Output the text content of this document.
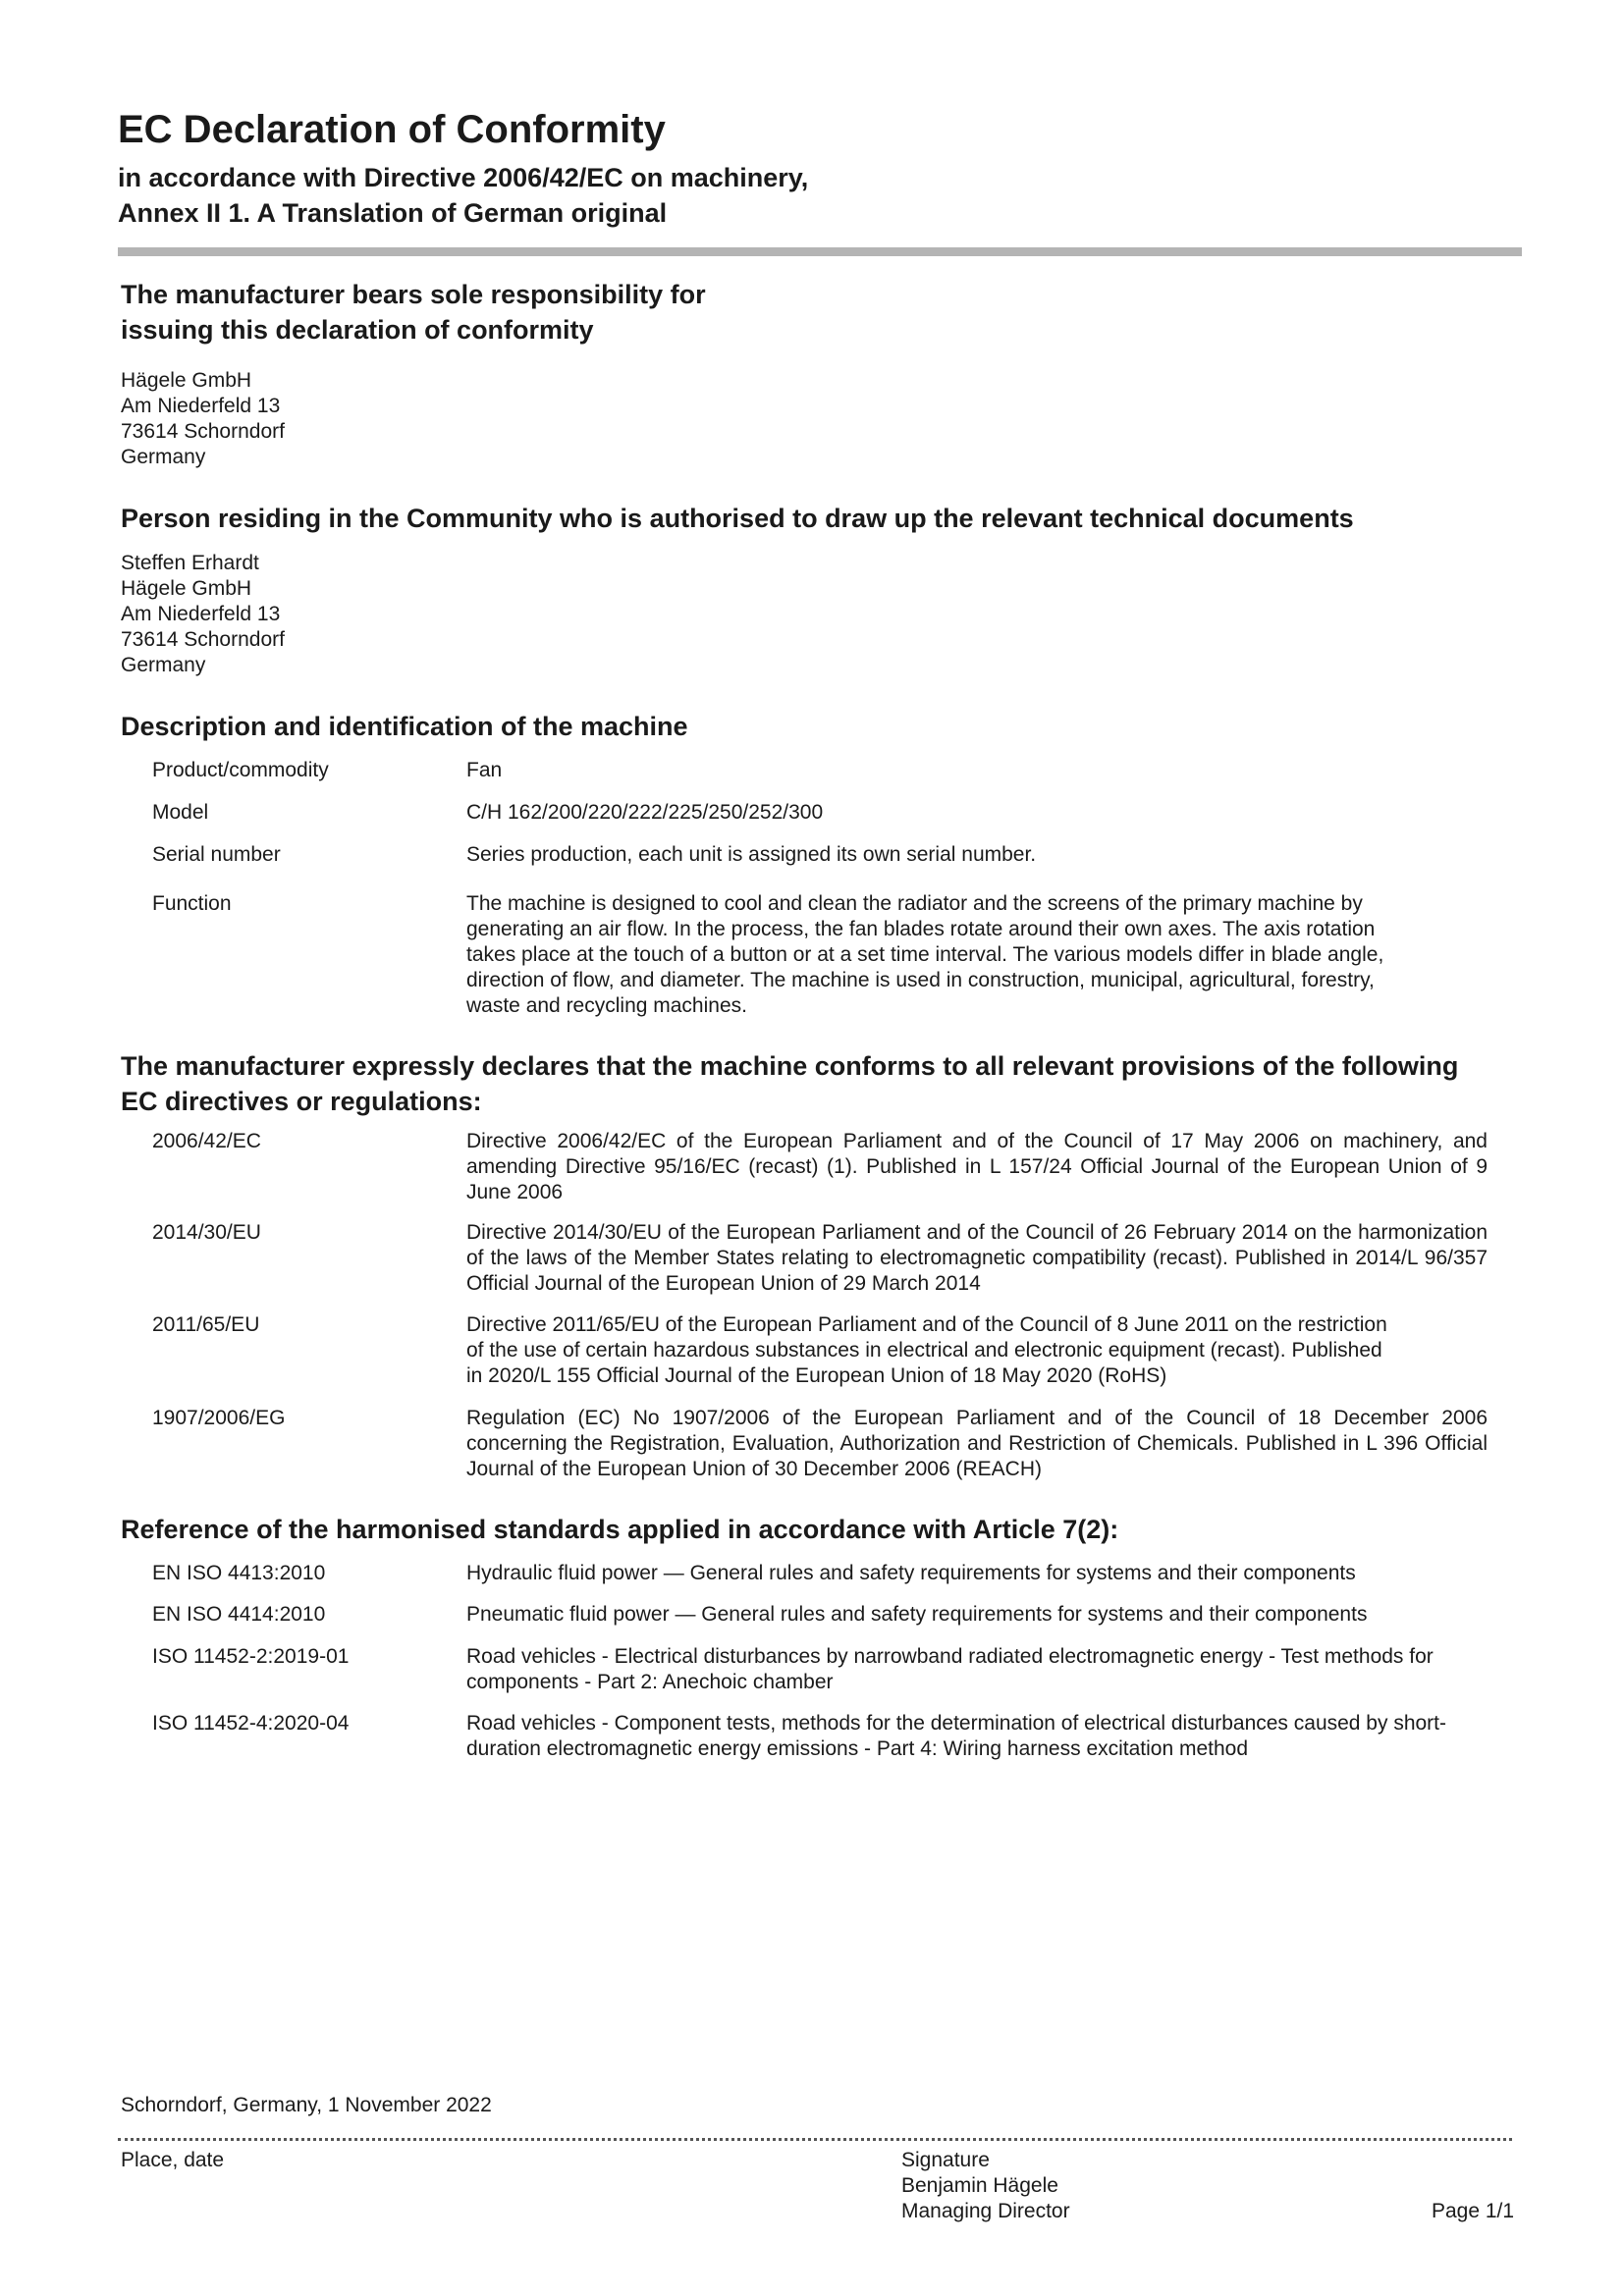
EC Declaration of Conformity
in accordance with Directive 2006/42/EC on machinery,
Annex II 1. A Translation of German original
The manufacturer bears sole responsibility for
issuing this declaration of conformity
Hägele GmbH
Am Niederfeld 13
73614 Schorndorf
Germany
Person residing in the Community who is authorised to draw up the relevant technical documents
Steffen Erhardt
Hägele GmbH
Am Niederfeld 13
73614 Schorndorf
Germany
Description and identification of the machine
Product/commodity	Fan
Model	C/H 162/200/220/222/225/250/252/300
Serial number	Series production, each unit is assigned its own serial number.
Function	The machine is designed to cool and clean the radiator and the screens of the primary machine by generating an air flow. In the process, the fan blades rotate around their own axes. The axis rotation takes place at the touch of a button or at a set time interval. The various models differ in blade angle, direction of flow, and diameter. The machine is used in construction, municipal, agricultural, forestry, waste and recycling machines.
The manufacturer expressly declares that the machine conforms to all relevant provisions of the following EC directives or regulations:
2006/42/EC	Directive 2006/42/EC of the European Parliament and of the Council of 17 May 2006 on machinery, and amending Directive 95/16/EC (recast) (1). Published in L 157/24 Official Journal of the European Union of 9 June 2006
2014/30/EU	Directive 2014/30/EU of the European Parliament and of the Council of 26 February 2014 on the harmonization of the laws of the Member States relating to electromagnetic compatibility (recast). Published in 2014/L 96/357 Official Journal of the European Union of 29 March 2014
2011/65/EU	Directive 2011/65/EU of the European Parliament and of the Council of 8 June 2011 on the restriction of the use of certain hazardous substances in electrical and electronic equipment (recast). Published in 2020/L 155 Official Journal of the European Union of 18 May 2020 (RoHS)
1907/2006/EG	Regulation (EC) No 1907/2006 of the European Parliament and of the Council of 18 December 2006 concerning the Registration, Evaluation, Authorization and Restriction of Chemicals. Published in L 396 Official Journal of the European Union of 30 December 2006 (REACH)
Reference of the harmonised standards applied in accordance with Article 7(2):
EN ISO 4413:2010	Hydraulic fluid power — General rules and safety requirements for systems and their components
EN ISO 4414:2010	Pneumatic fluid power — General rules and safety requirements for systems and their components
ISO 11452-2:2019-01	Road vehicles - Electrical disturbances by narrowband radiated electromagnetic energy - Test methods for components - Part 2: Anechoic chamber
ISO 11452-4:2020-04	Road vehicles - Component tests, methods for the determination of electrical disturbances caused by short-duration electromagnetic energy emissions - Part 4: Wiring harness excitation method
Schorndorf, Germany, 1 November 2022
Place, date	Signature
Benjamin Hägele
Managing Director	Page 1/1
